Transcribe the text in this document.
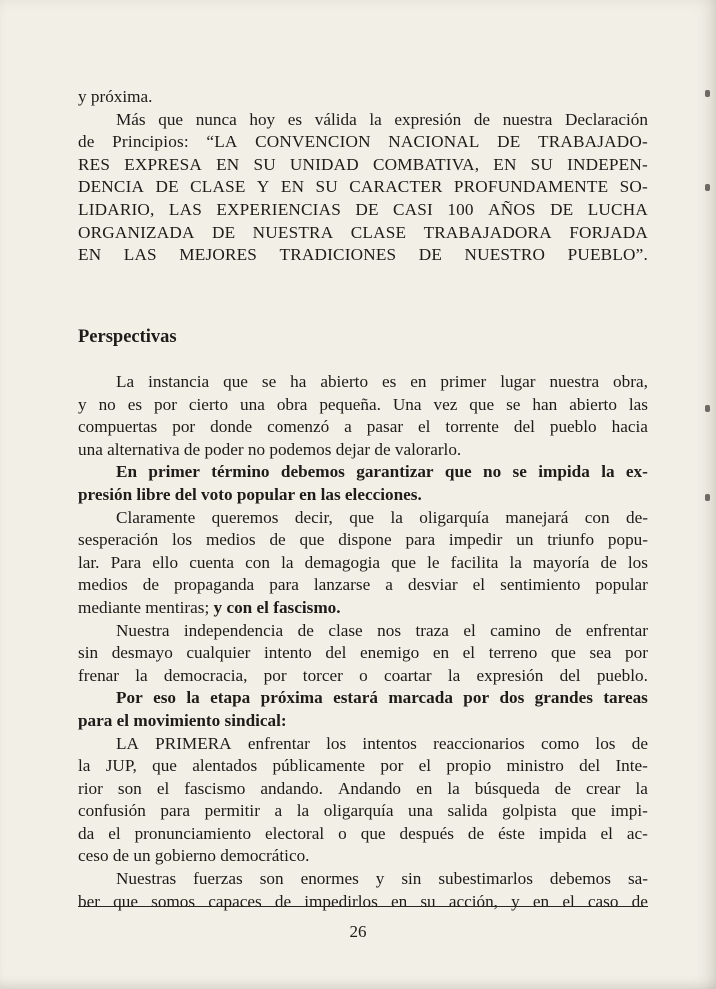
y próxima.
Más que nunca hoy es válida la expresión de nuestra Declaración
de Principios: “LA CONVENCION NACIONAL DE TRABAJADO-
RES EXPRESA EN SU UNIDAD COMBATIVA, EN SU INDEPEN-
DENCIA DE CLASE Y EN SU CARACTER PROFUNDAMENTE SO-
LIDARIO, LAS EXPERIENCIAS DE CASI 100 AÑOS DE LUCHA
ORGANIZADA DE NUESTRA CLASE TRABAJADORA FORJADA
EN LAS MEJORES TRADICIONES DE NUESTRO PUEBLO”.
Perspectivas
La instancia que se ha abierto es en primer lugar nuestra obra,
y no es por cierto una obra pequeña. Una vez que se han abierto las
compuertas por donde comenzó a pasar el torrente del pueblo hacia
una alternativa de poder no podemos dejar de valorarlo.
En primer término debemos garantizar que no se impida la ex-
presión libre del voto popular en las elecciones.
Claramente queremos decir, que la oligarquía manejará con de-
sesperación los medios de que dispone para impedir un triunfo popu-
lar. Para ello cuenta con la demagogia que le facilita la mayoría de los
medios de propaganda para lanzarse a desviar el sentimiento popular
mediante mentiras;
y con el fascismo.
Nuestra independencia de clase nos traza el camino de enfrentar
sin desmayo cualquier intento del enemigo en el terreno que sea por
frenar la democracia, por torcer o coartar la expresión del pueblo.
Por eso la etapa próxima estará marcada por dos grandes tareas
para el movimiento sindical:
LA PRIMERA enfrentar los intentos reaccionarios como los de
la JUP, que alentados públicamente por el propio ministro del Inte-
rior son el fascismo andando. Andando en la búsqueda de crear la
confusión para permitir a la oligarquía una salida golpista que impi-
da el pronunciamiento electoral o que después de éste impida el ac-
ceso de un gobierno democrático.
Nuestras fuerzas son enormes y sin subestimarlos debemos sa-
ber que somos capaces de impedirlos en su acción, y en el caso de
26
